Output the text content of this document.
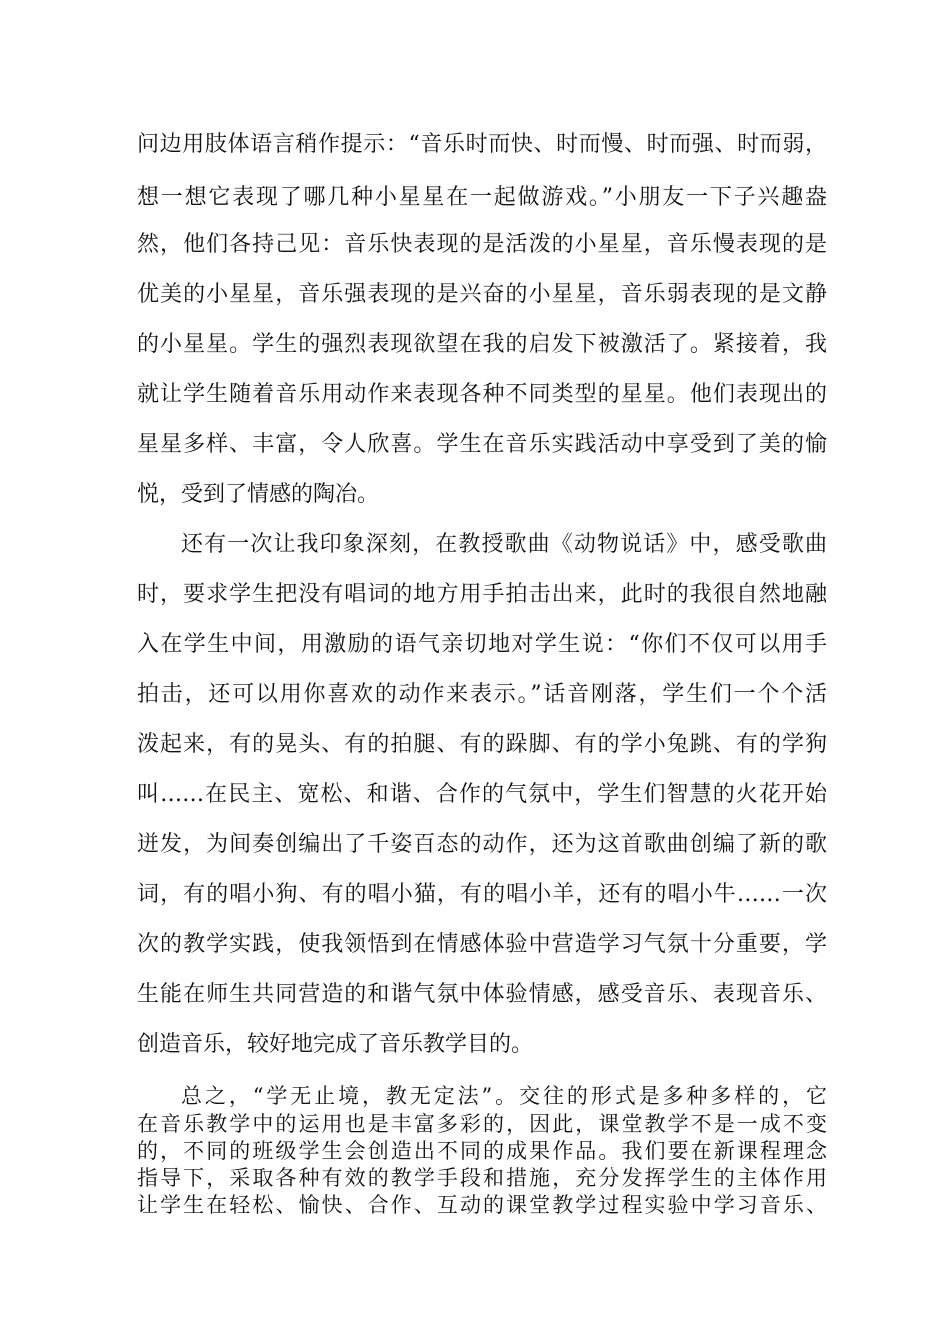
问边用肢体语言稍作提示：“音乐时而快、时而慢、时而强、时而弱，
想一想它表现了哪几种小星星在一起做游戏。”小朋友一下子兴趣盎
然，他们各持己见：音乐快表现的是活泼的小星星，音乐慢表现的是
优美的小星星，音乐强表现的是兴奋的小星星，音乐弱表现的是文静
的小星星。学生的强烈表现欲望在我的启发下被激活了。紧接着，我
就让学生随着音乐用动作来表现各种不同类型的星星。他们表现出的
星星多样、丰富，令人欣喜。学生在音乐实践活动中享受到了美的愉
悦，受到了情感的陶冶。
还有一次让我印象深刻，在教授歌曲《动物说话》中，感受歌曲
时，要求学生把没有唱词的地方用手拍击出来，此时的我很自然地融
入在学生中间，用激励的语气亲切地对学生说：“你们不仅可以用手
拍击，还可以用你喜欢的动作来表示。”话音刚落，学生们一个个活
泼起来，有的晃头、有的拍腿、有的跺脚、有的学小兔跳、有的学狗
叫……在民主、宽松、和谐、合作的气氛中，学生们智慧的火花开始
迸发，为间奏创编出了千姿百态的动作，还为这首歌曲创编了新的歌
词，有的唱小狗、有的唱小猫，有的唱小羊，还有的唱小牛……一次
次的教学实践，使我领悟到在情感体验中营造学习气氛十分重要，学
生能在师生共同营造的和谐气氛中体验情感，感受音乐、表现音乐、
创造音乐，较好地完成了音乐教学目的。
总之，“学无止境，教无定法”。交往的形式是多种多样的，它
在音乐教学中的运用也是丰富多彩的，因此，课堂教学不是一成不变
的，不同的班级学生会创造出不同的成果作品。我们要在新课程理念
指导下，采取各种有效的教学手段和措施，充分发挥学生的主体作用
让学生在轻松、愉快、合作、互动的课堂教学过程实验中学习音乐、
